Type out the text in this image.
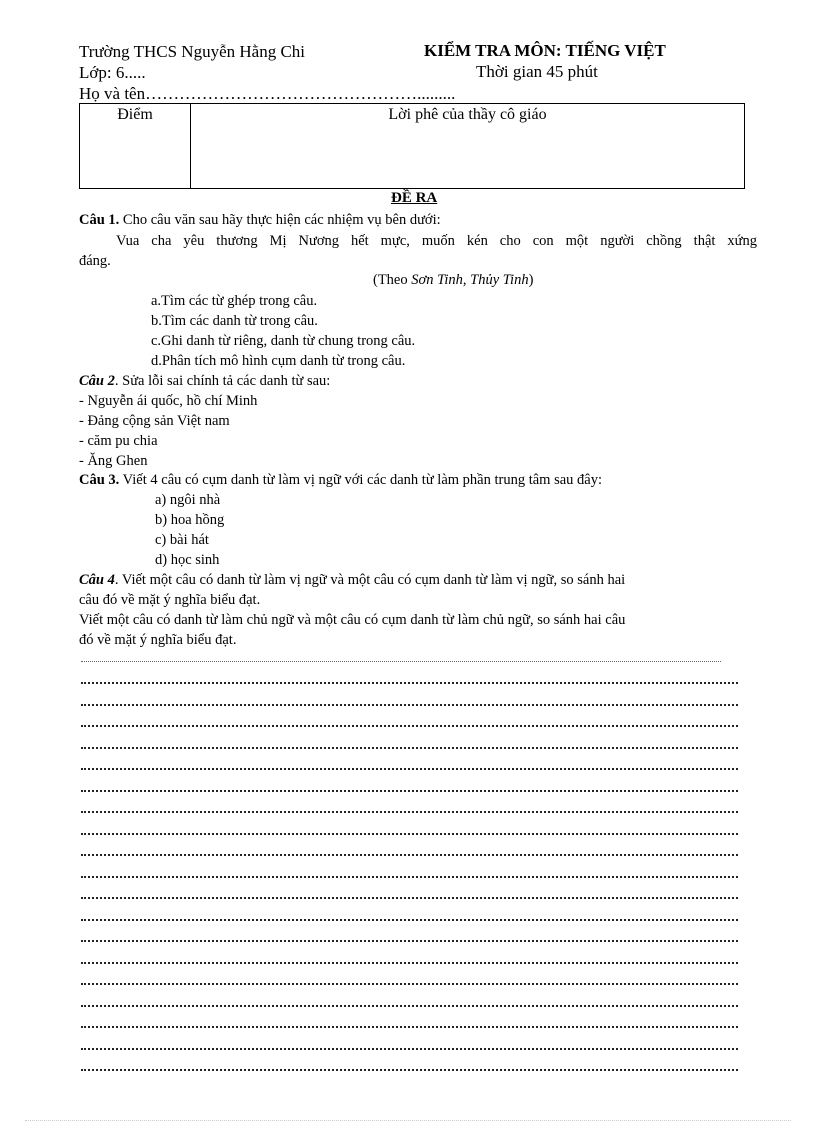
Trường THCS Nguyễn Hằng Chi
Lớp: 6.....
Họ và tên………………………………………….........
KIỂM TRA MÔN: TIẾNG VIỆT
Thời gian 45 phút
Điểm	Lời phê của thầy cô giáo
ĐỀ RA
Câu 1. Cho câu văn sau hãy thực hiện các nhiệm vụ bên dưới:
Vua cha yêu thương Mị Nương hết mực, muốn kén cho con một người chồng thật xứng
đáng.
(Theo Sơn Tinh, Thủy Tinh)
a.Tìm các từ ghép trong câu.
b.Tìm các danh từ trong câu.
c.Ghi danh từ riêng, danh từ chung trong câu.
d.Phân tích mô hình cụm danh từ trong câu.
Câu 2. Sửa lỗi sai chính tả các danh từ sau:
- Nguyễn ái quốc, hồ chí Minh
- Đảng cộng sản Việt nam
- căm pu chia
- Ăng Ghen
Câu 3. Viết 4 câu có cụm danh từ làm vị ngữ với các danh từ làm phần trung tâm sau đây:
a) ngôi nhà
b) hoa hồng
c) bài hát
d) học sinh
Câu 4. Viết một câu có danh từ làm vị ngữ và một câu có cụm danh từ làm vị ngữ, so sánh hai
câu đó về mặt ý nghĩa biểu đạt.
Viết một câu có danh từ làm chủ ngữ và một câu có cụm danh từ làm chủ ngữ, so sánh hai câu
đó về mặt ý nghĩa biểu đạt.
